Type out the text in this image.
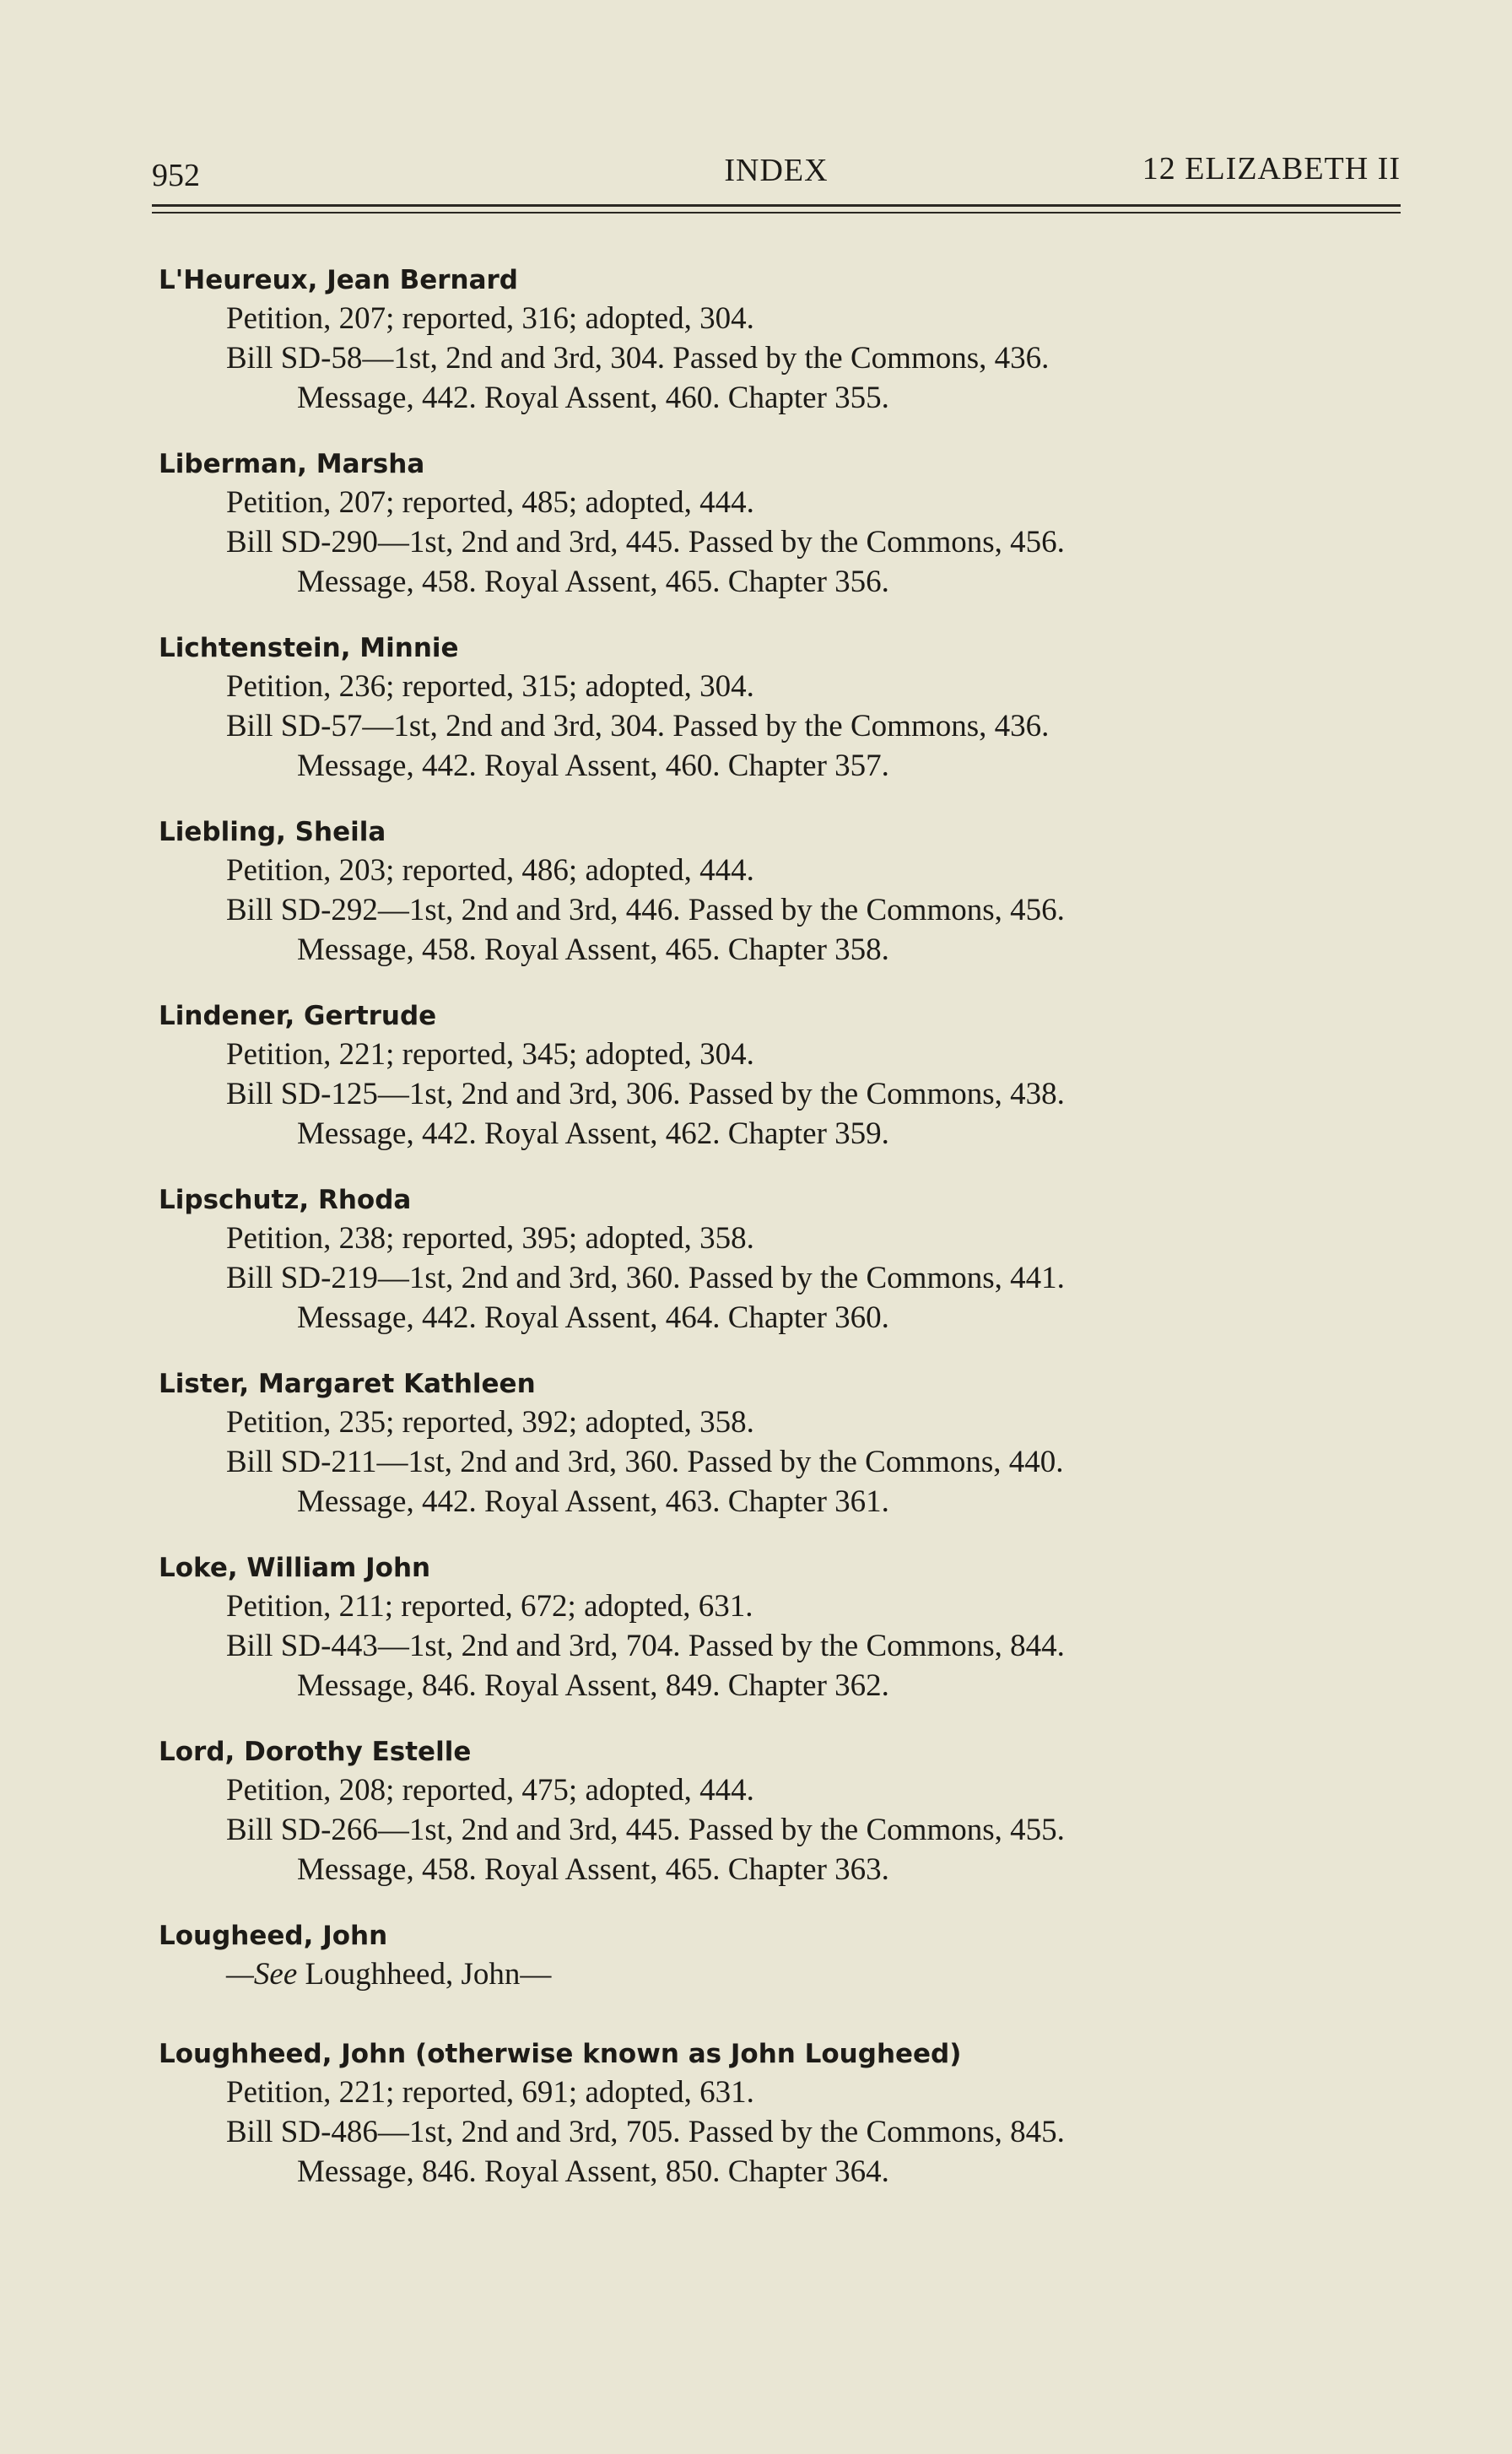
952	INDEX	12 ELIZABETH II
L'Heureux, Jean Bernard
Petition, 207; reported, 316; adopted, 304.
Bill SD-58—1st, 2nd and 3rd, 304. Passed by the Commons, 436.
Message, 442. Royal Assent, 460. Chapter 355.
Liberman, Marsha
Petition, 207; reported, 485; adopted, 444.
Bill SD-290—1st, 2nd and 3rd, 445. Passed by the Commons, 456.
Message, 458. Royal Assent, 465. Chapter 356.
Lichtenstein, Minnie
Petition, 236; reported, 315; adopted, 304.
Bill SD-57—1st, 2nd and 3rd, 304. Passed by the Commons, 436.
Message, 442. Royal Assent, 460. Chapter 357.
Liebling, Sheila
Petition, 203; reported, 486; adopted, 444.
Bill SD-292—1st, 2nd and 3rd, 446. Passed by the Commons, 456.
Message, 458. Royal Assent, 465. Chapter 358.
Lindener, Gertrude
Petition, 221; reported, 345; adopted, 304.
Bill SD-125—1st, 2nd and 3rd, 306. Passed by the Commons, 438.
Message, 442. Royal Assent, 462. Chapter 359.
Lipschutz, Rhoda
Petition, 238; reported, 395; adopted, 358.
Bill SD-219—1st, 2nd and 3rd, 360. Passed by the Commons, 441.
Message, 442. Royal Assent, 464. Chapter 360.
Lister, Margaret Kathleen
Petition, 235; reported, 392; adopted, 358.
Bill SD-211—1st, 2nd and 3rd, 360. Passed by the Commons, 440.
Message, 442. Royal Assent, 463. Chapter 361.
Loke, William John
Petition, 211; reported, 672; adopted, 631.
Bill SD-443—1st, 2nd and 3rd, 704. Passed by the Commons, 844.
Message, 846. Royal Assent, 849. Chapter 362.
Lord, Dorothy Estelle
Petition, 208; reported, 475; adopted, 444.
Bill SD-266—1st, 2nd and 3rd, 445. Passed by the Commons, 455.
Message, 458. Royal Assent, 465. Chapter 363.
Lougheed, John
—See Loughheed, John—
Loughheed, John (otherwise known as John Lougheed)
Petition, 221; reported, 691; adopted, 631.
Bill SD-486—1st, 2nd and 3rd, 705. Passed by the Commons, 845.
Message, 846. Royal Assent, 850. Chapter 364.
